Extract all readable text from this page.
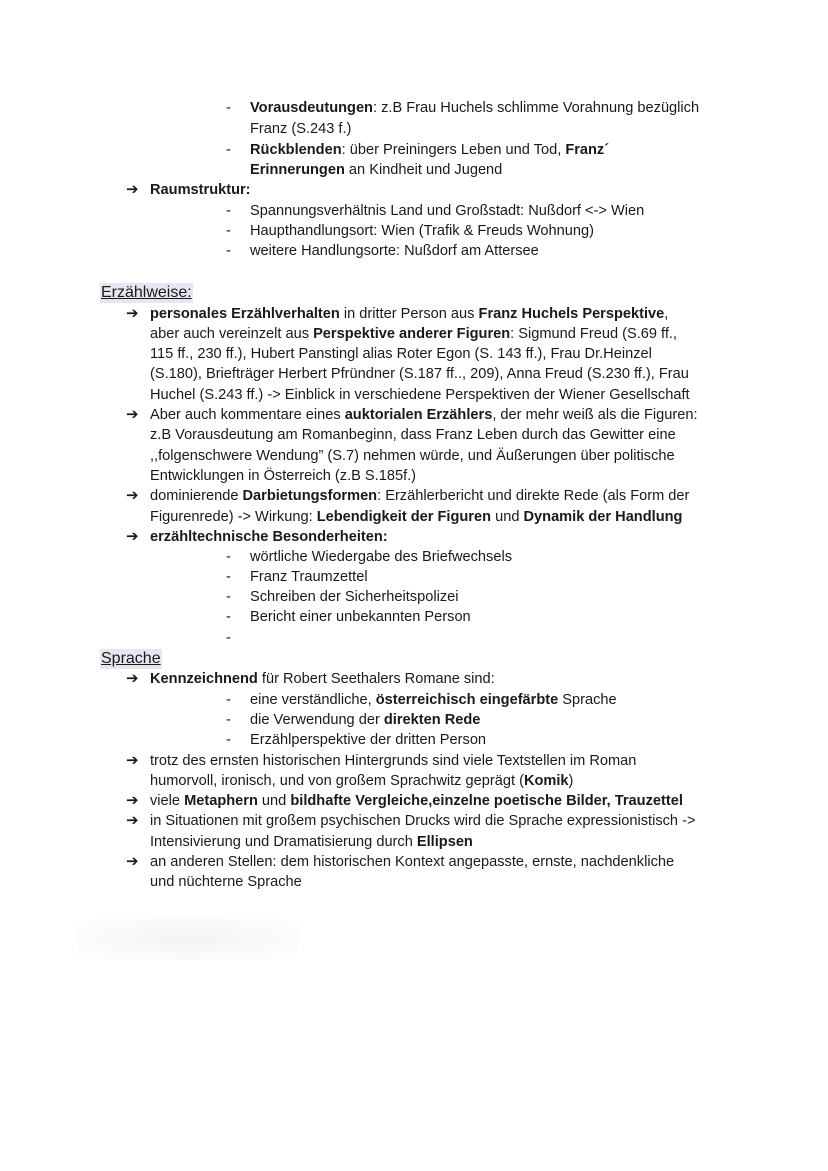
- Vorausdeutungen: z.B Frau Huchels schlimme Vorahnung bezüglich
Franz (S.243 f.)
- Rückblenden: über Preiningers Leben und Tod, Franz´
Erinnerungen an Kindheit und Jugend
➔ Raumstruktur:
- Spannungsverhältnis Land und Großstadt: Nußdorf <-> Wien
- Haupthandlungsort: Wien (Trafik & Freuds Wohnung)
- weitere Handlungsorte: Nußdorf am Attersee
Erzählweise:
➔ personales Erzählverhalten in dritter Person aus Franz Huchels Perspektive,
aber auch vereinzelt aus Perspektive anderer Figuren: Sigmund Freud (S.69 ff.,
115 ff., 230 ff.), Hubert Panstingl alias Roter Egon (S. 143 ff.), Frau Dr.Heinzel
(S.180), Briefträger Herbert Pfründner (S.187 ff.., 209), Anna Freud (S.230 ff.), Frau
Huchel (S.243 ff.) -> Einblick in verschiedene Perspektiven der Wiener Gesellschaft
➔ Aber auch kommentare eines auktorialen Erzählers, der mehr weiß als die Figuren:
z.B Vorausdeutung am Romanbeginn, dass Franz Leben durch das Gewitter eine
,,folgenschwere Wendung” (S.7) nehmen würde, und Äußerungen über politische
Entwicklungen in Österreich (z.B S.185f.)
➔ dominierende Darbietungsformen: Erzählerbericht und direkte Rede (als Form der
Figurenrede) -> Wirkung: Lebendigkeit der Figuren und Dynamik der Handlung
➔ erzähltechnische Besonderheiten:
- wörtliche Wiedergabe des Briefwechsels
- Franz Traumzettel
- Schreiben der Sicherheitspolizei
- Bericht einer unbekannten Person
-
Sprache
➔ Kennzeichnend für Robert Seethalers Romane sind:
- eine verständliche, österreichisch eingefärbte Sprache
- die Verwendung der direkten Rede
- Erzählperspektive der dritten Person
➔ trotz des ernsten historischen Hintergrunds sind viele Textstellen im Roman
humorvoll, ironisch, und von großem Sprachwitz geprägt (Komik)
➔ viele Metaphern und bildhafte Vergleiche,einzelne poetische Bilder, Trauzettel
➔ in Situationen mit großem psychischen Drucks wird die Sprache expressionistisch ->
Intensivierung und Dramatisierung durch Ellipsen
➔ an anderen Stellen: dem historischen Kontext angepasste, ernste, nachdenkliche
und nüchterne Sprache
